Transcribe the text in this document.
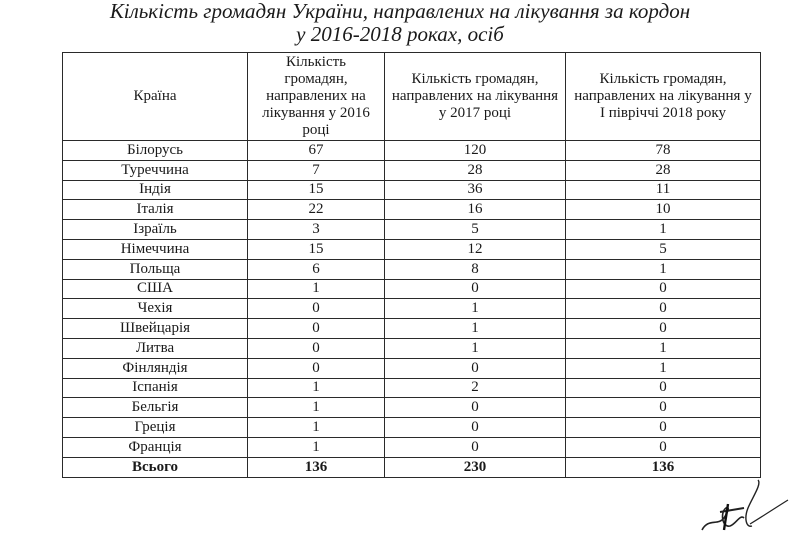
Кількість громадян України, направлених на лікування за кордон
у 2016-2018 роках, осіб
Країна	Кількість громадян, направлених на лікування у 2016 році	Кількість громадян, направлених на лікування у 2017 році	Кількість громадян, направлених на лікування у І півріччі 2018 року

Білорусь	67	120	78
Туреччина	7	28	28
Індія	15	36	11
Італія	22	16	10
Ізраїль	3	5	1
Німеччина	15	12	5
Польща	6	8	1
США	1	0	0
Чехія	0	1	0
Швейцарія	0	1	0
Литва	0	1	1
Фінляндія	0	0	1
Іспанія	1	2	0
Бельгія	1	0	0
Греція	1	0	0
Франція	1	0	0
Всього	136	230	136
